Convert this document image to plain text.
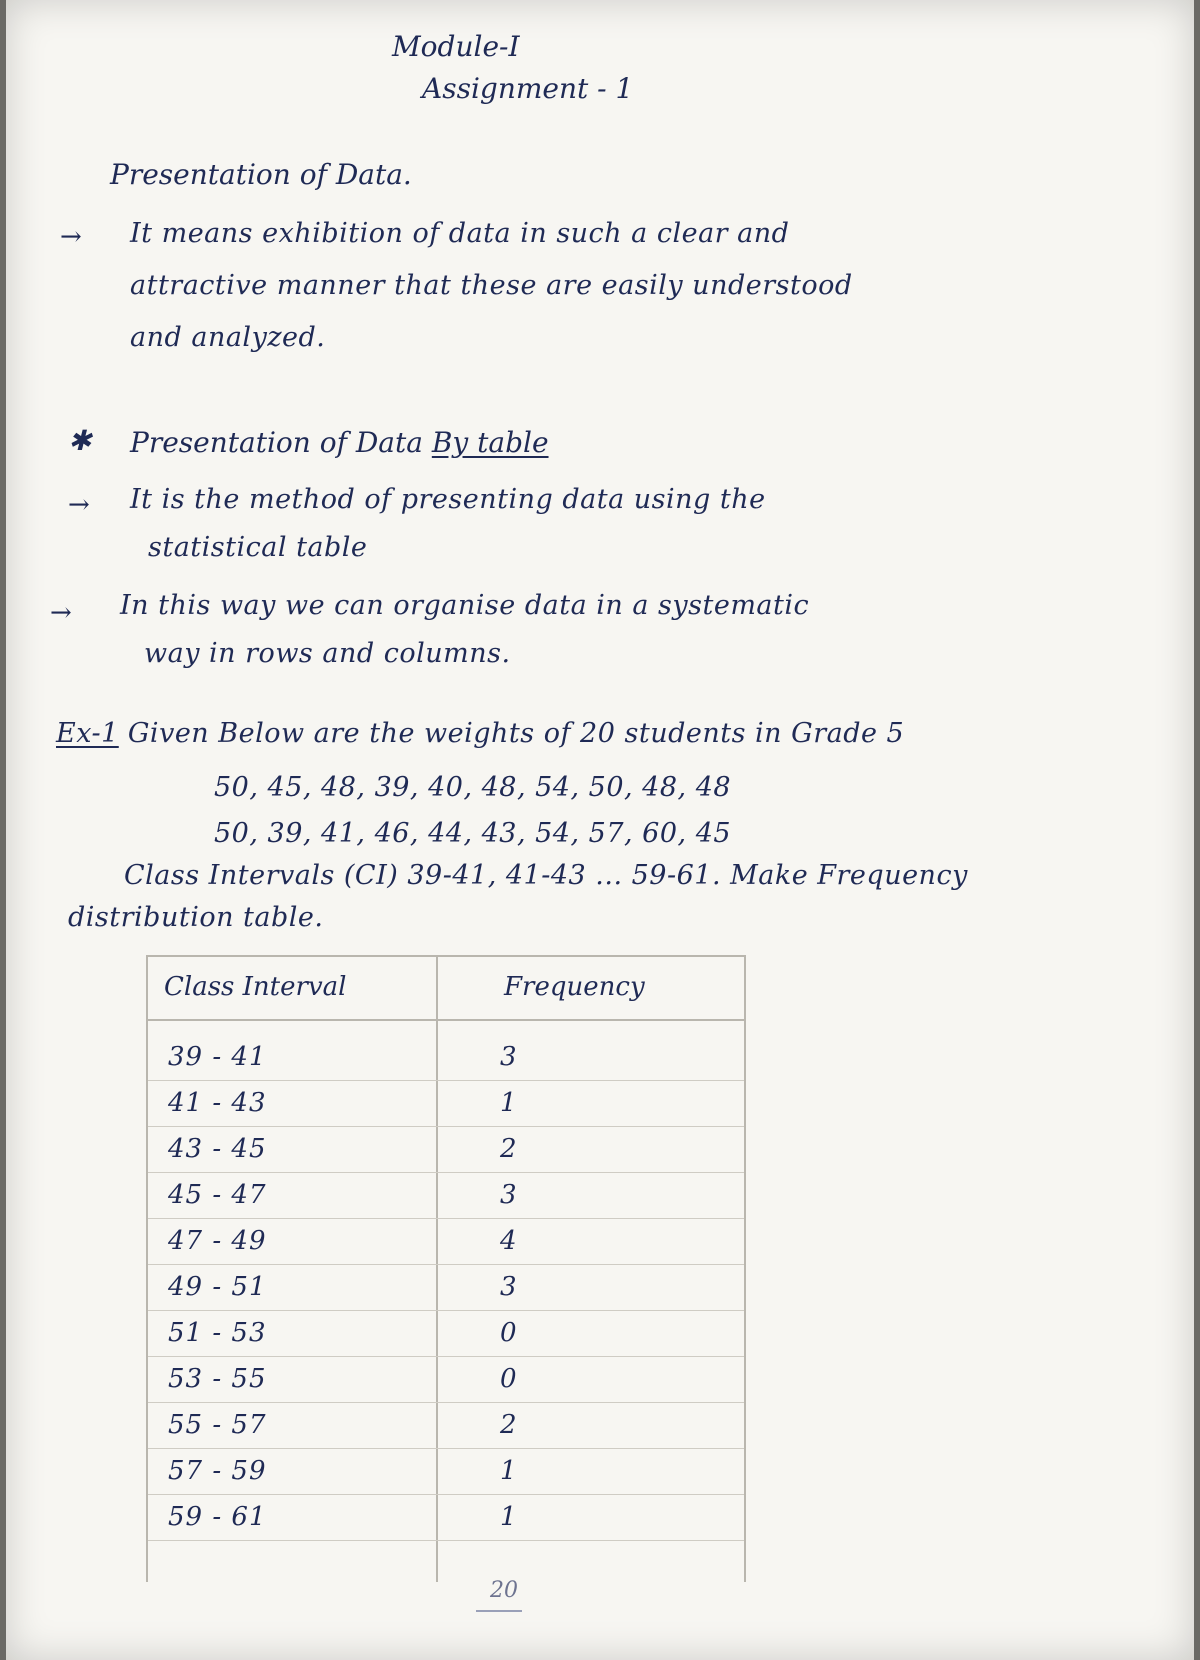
Module-I
Assignment - 1
Presentation of Data.
→ It means exhibition of data in such a clear and
attractive manner that these are easily understood
and analyzed.
✱ Presentation of Data By table
→ It is the method of presenting data using the
statistical table
→ In this way we can organise data in a systematic
way in rows and columns.
Ex-1 Given Below are the weights of 20 students in Grade 5
50, 45, 48, 39, 40, 48, 54, 50, 48, 48
50, 39, 41, 46, 44, 43, 54, 57, 60, 45
Class Intervals (CI) 39-41, 41-43 ... 59-61. Make Frequency
distribution table.
Class Interval	Frequency
39 - 41	3
41 - 43	1
43 - 45	2
45 - 47	3
47 - 49	4
49 - 51	3
51 - 53	0
53 - 55	0
55 - 57	2
57 - 59	1
59 - 61	1
20
